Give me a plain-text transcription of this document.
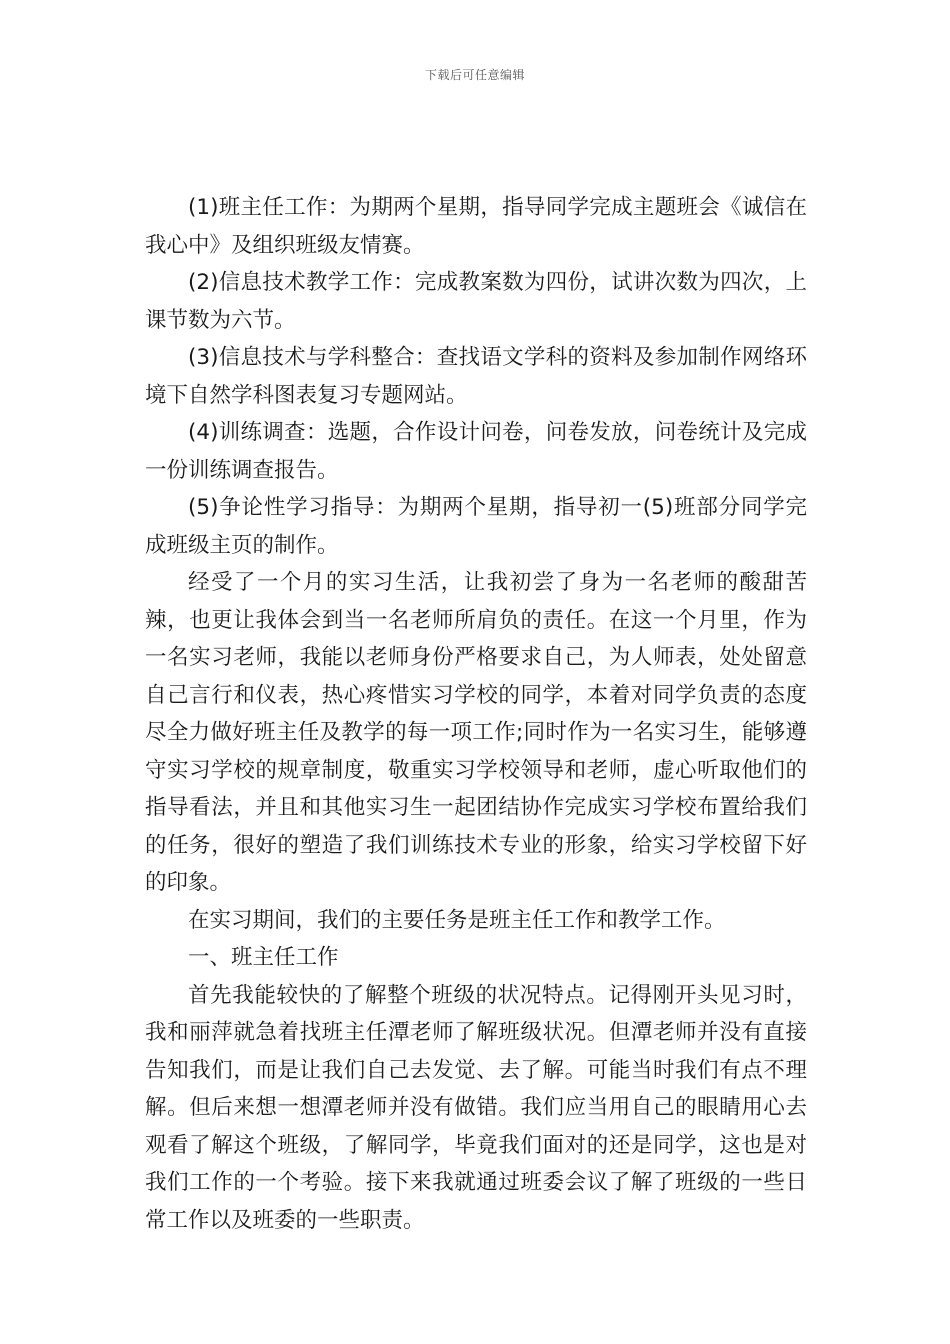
下载后可任意编辑

(1)班主任工作：为期两个星期，指导同学完成主题班会《诚信在我心中》及组织班级友情赛。

(2)信息技术教学工作：完成教案数为四份，试讲次数为四次，上课节数为六节。

(3)信息技术与学科整合：查找语文学科的资料及参加制作网络环境下自然学科图表复习专题网站。

(4)训练调查：选题，合作设计问卷，问卷发放，问卷统计及完成一份训练调查报告。

(5)争论性学习指导：为期两个星期，指导初一(5)班部分同学完成班级主页的制作。

经受了一个月的实习生活，让我初尝了身为一名老师的酸甜苦辣，也更让我体会到当一名老师所肩负的责任。在这一个月里，作为一名实习老师，我能以老师身份严格要求自己，为人师表，处处留意自己言行和仪表，热心疼惜实习学校的同学，本着对同学负责的态度尽全力做好班主任及教学的每一项工作;同时作为一名实习生，能够遵守实习学校的规章制度，敬重实习学校领导和老师，虚心听取他们的指导看法，并且和其他实习生一起团结协作完成实习学校布置给我们的任务，很好的塑造了我们训练技术专业的形象，给实习学校留下好的印象。

在实习期间，我们的主要任务是班主任工作和教学工作。

一、班主任工作

首先我能较快的了解整个班级的状况特点。记得刚开头见习时，我和丽萍就急着找班主任潭老师了解班级状况。但潭老师并没有直接告知我们，而是让我们自己去发觉、去了解。可能当时我们有点不理解。但后来想一想潭老师并没有做错。我们应当用自己的眼睛用心去观看了解这个班级，了解同学，毕竟我们面对的还是同学，这也是对我们工作的一个考验。接下来我就通过班委会议了解了班级的一些日常工作以及班委的一些职责。
